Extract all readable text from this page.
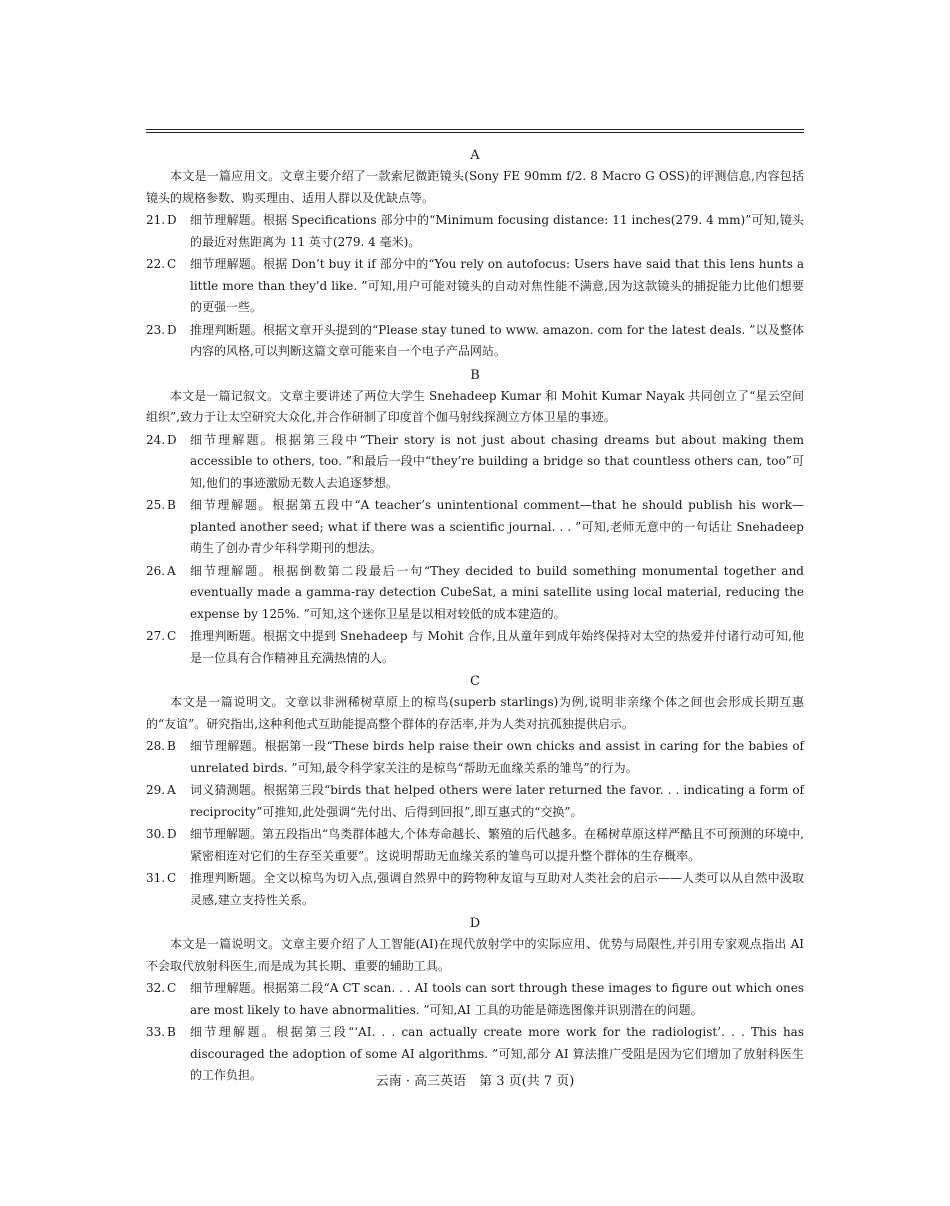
A

本文是一篇应用文。文章主要介绍了一款索尼微距镜头(Sony FE 90mm f/2. 8 Macro G OSS)的评测信息,内容包括镜头的规格参数、购买理由、适用人群以及优缺点等。

21. D	细节理解题。根据 Specifications 部分中的“Minimum focusing distance: 11 inches(279. 4 mm)”可知,镜头的最近对焦距离为 11 英寸(279. 4 毫米)。
22. C	细节理解题。根据 Don’t buy it if 部分中的“You rely on autofocus: Users have said that this lens hunts a little more than they’d like. ”可知,用户可能对镜头的自动对焦性能不满意,因为这款镜头的捕捉能力比他们想要的更强一些。
23. D	推理判断题。根据文章开头提到的“Please stay tuned to www. amazon. com for the latest deals. ”以及整体内容的风格,可以判断这篇文章可能来自一个电子产品网站。
B

本文是一篇记叙文。文章主要讲述了两位大学生 Snehadeep Kumar 和 Mohit Kumar Nayak 共同创立了“星云空间组织”,致力于让太空研究大众化,并合作研制了印度首个伽马射线探测立方体卫星的事迹。

24. D	细节理解题。根据第三段中“Their story is not just about chasing dreams but about making them accessible to others, too. ”和最后一段中“they’re building a bridge so that countless others can, too”可知,他们的事迹激励无数人去追逐梦想。
25. B	细节理解题。根据第五段中“A teacher’s unintentional comment—that he should publish his work—planted another seed; what if there was a scientific journal. . . ”可知,老师无意中的一句话让 Snehadeep 萌生了创办青少年科学期刊的想法。
26. A	细节理解题。根据倒数第二段最后一句“They decided to build something monumental together and eventually made a gamma-ray detection CubeSat, a mini satellite using local material, reducing the expense by 125%. ”可知,这个迷你卫星是以相对较低的成本建造的。
27. C	推理判断题。根据文中提到 Snehadeep 与 Mohit 合作,且从童年到成年始终保持对太空的热爱并付诸行动可知,他是一位具有合作精神且充满热情的人。
C

本文是一篇说明文。文章以非洲稀树草原上的椋鸟(superb starlings)为例,说明非亲缘个体之间也会形成长期互惠的“友谊”。研究指出,这种利他式互助能提高整个群体的存活率,并为人类对抗孤独提供启示。

28. B	细节理解题。根据第一段“These birds help raise their own chicks and assist in caring for the babies of unrelated birds. ”可知,最令科学家关注的是椋鸟“帮助无血缘关系的雏鸟”的行为。
29. A	词义猜测题。根据第三段“birds that helped others were later returned the favor. . . indicating a form of reciprocity”可推知,此处强调“先付出、后得到回报”,即互惠式的“交换”。
30. D	细节理解题。第五段指出“鸟类群体越大,个体寿命越长、繁殖的后代越多。在稀树草原这样严酷且不可预测的环境中,紧密相连对它们的生存至关重要”。这说明帮助无血缘关系的雏鸟可以提升整个群体的生存概率。
31. C	推理判断题。全文以椋鸟为切入点,强调自然界中的跨物种友谊与互助对人类社会的启示——人类可以从自然中汲取灵感,建立支持性关系。
D

本文是一篇说明文。文章主要介绍了人工智能(AI)在现代放射学中的实际应用、优势与局限性,并引用专家观点指出 AI 不会取代放射科医生,而是成为其长期、重要的辅助工具。

32. C	细节理解题。根据第二段“A CT scan. . . AI tools can sort through these images to figure out which ones are most likely to have abnormalities. ”可知,AI 工具的功能是筛选图像并识别潜在的问题。
33. B	细节理解题。根据第三段“‘AI. . . can actually create more work for the radiologist’. . . This has discouraged the adoption of some AI algorithms. ”可知,部分 AI 算法推广受阻是因为它们增加了放射科医生的工作负担。	云南 · 高三英语　第 3 页(共 7 页)
